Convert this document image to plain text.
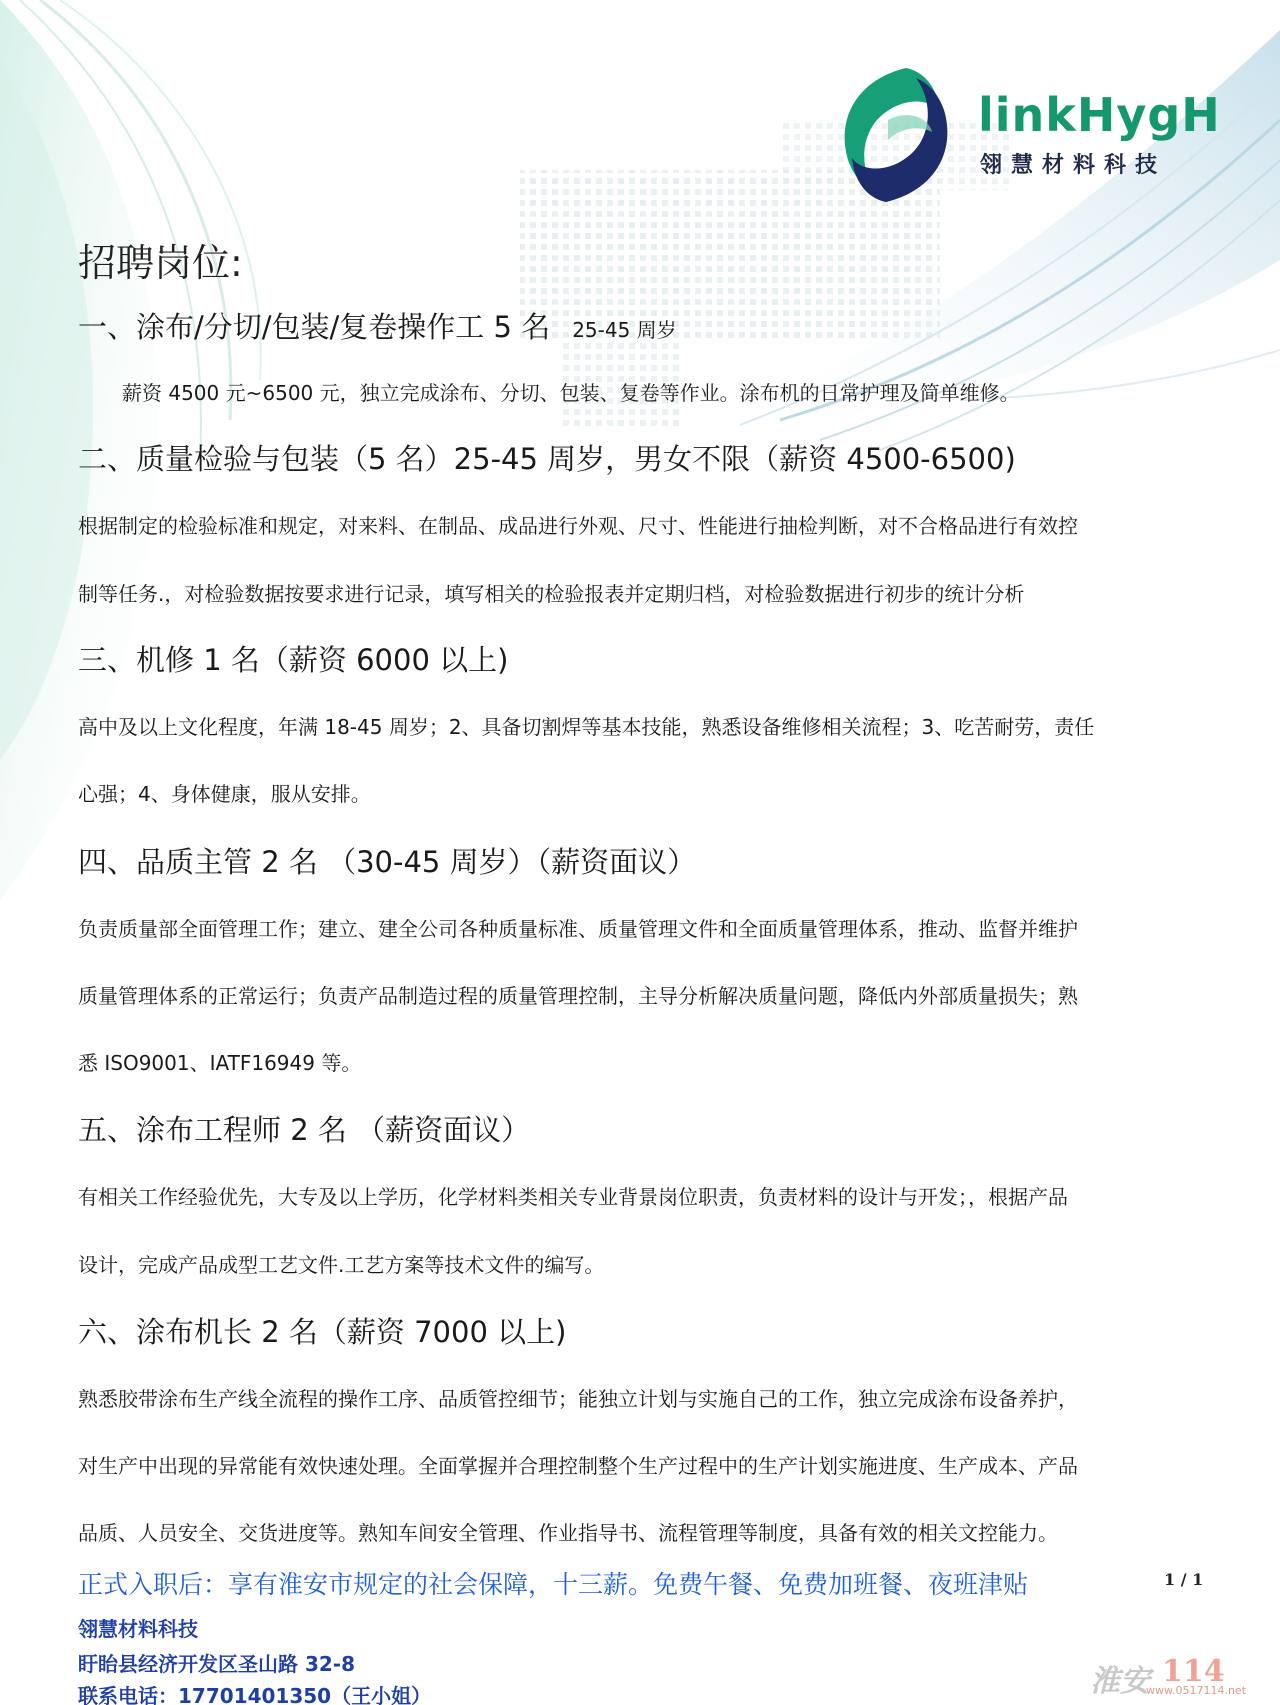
linkHygH
翎慧材料科技
招聘岗位:
一、涂布/分切/包装/复卷操作工 5 名 25-45 周岁
薪资 4500 元~6500 元，独立完成涂布、分切、包装、复卷等作业。涂布机的日常护理及简单维修。
二、质量检验与包装（5 名）25-45 周岁，男女不限（薪资 4500-6500)
根据制定的检验标准和规定，对来料、在制品、成品进行外观、尺寸、性能进行抽检判断，对不合格品进行有效控
制等任务.，对检验数据按要求进行记录，填写相关的检验报表并定期归档，对检验数据进行初步的统计分析
三、机修 1 名（薪资 6000 以上)
高中及以上文化程度，年满 18-45 周岁；2、具备切割焊等基本技能，熟悉设备维修相关流程；3、吃苦耐劳，责任
心强；4、身体健康，服从安排。
四、品质主管 2 名 （30-45 周岁）（薪资面议）
负责质量部全面管理工作；建立、建全公司各种质量标准、质量管理文件和全面质量管理体系，推动、监督并维护
质量管理体系的正常运行；负责产品制造过程的质量管理控制，主导分析解决质量问题，降低内外部质量损失；熟
悉 ISO9001、IATF16949 等。
五、涂布工程师 2 名 （薪资面议）
有相关工作经验优先，大专及以上学历，化学材料类相关专业背景岗位职责，负责材料的设计与开发；，根据产品
设计，完成产品成型工艺文件.工艺方案等技术文件的编写。
六、涂布机长 2 名（薪资 7000 以上)
熟悉胶带涂布生产线全流程的操作工序、品质管控细节；能独立计划与实施自己的工作，独立完成涂布设备养护，
对生产中出现的异常能有效快速处理。全面掌握并合理控制整个生产过程中的生产计划实施进度、生产成本、产品
品质、人员安全、交货进度等。熟知车间安全管理、作业指导书、流程管理等制度，具备有效的相关文控能力。
正式入职后：享有淮安市规定的社会保障，十三薪。免费午餐、免费加班餐、夜班津贴	1 / 1
翎慧材料科技
盱眙县经济开发区圣山路 32-8
联系电话：17701401350（王小姐）	淮安 114
www.0517114.net
